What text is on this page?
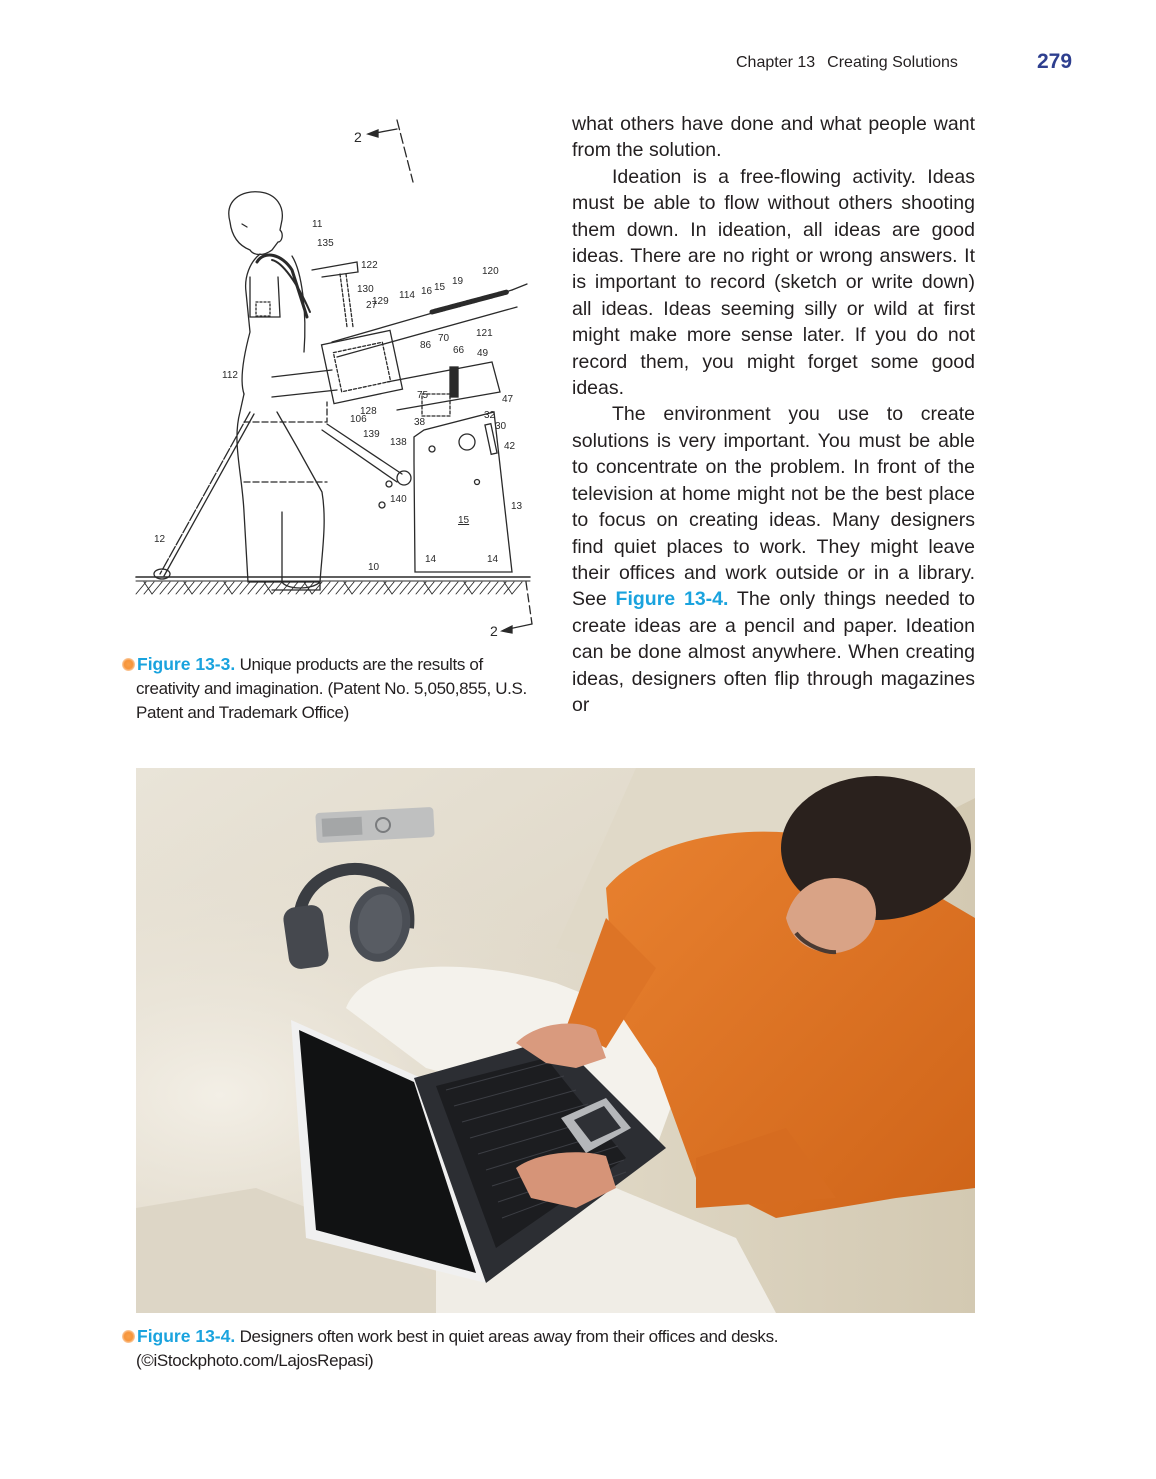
Chapter 13 Creating Solutions	279
2
2
11
135
122
130
129
27
114 16 15
19
120
121
86
70
66 49
112
128
75	47
106	38
32
30
139
138	42
140
13
15
12
10
14	14
Figure 13-3. Unique products are the results of creativity and imagination. (Patent No. 5,050,855, U.S. Patent and Trademark Office)

what others have done and what people want from the solution.

Ideation is a free-flowing activity. Ideas must be able to flow without others shooting them down. In ideation, all ideas are good ideas. There are no right or wrong answers. It is important to record (sketch or write down) all ideas. Ideas seeming silly or wild at first might make more sense later. If you do not record them, you might forget some good ideas.

The environment you use to create solutions is very important. You must be able to concentrate on the problem. In front of the television at home might not be the best place to focus on creating ideas. Many designers find quiet places to work. They might leave their offices and work outside or in a library. See Figure 13-4. The only things needed to create ideas are a pencil and paper. Ideation can be done almost anywhere. When creating ideas, designers often flip through magazines or

Figure 13-4. Designers often work best in quiet areas away from their offices and desks.
(©iStockphoto.com/LajosRepasi)
